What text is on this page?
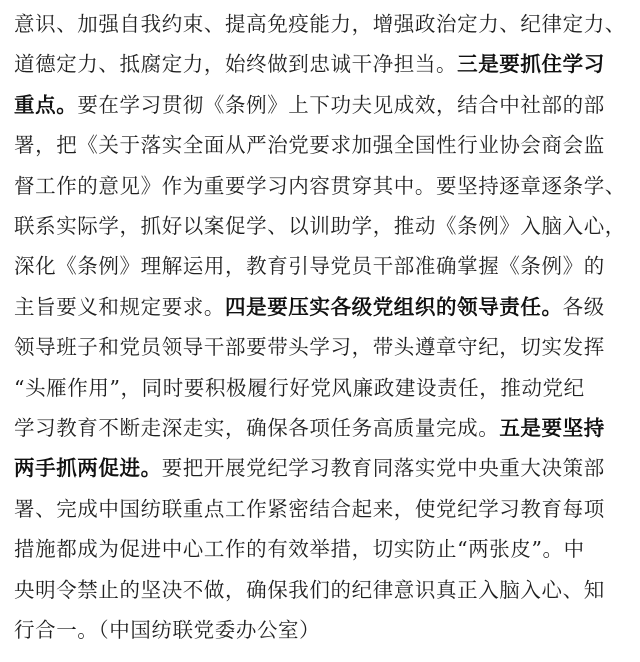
意识、加强自我约束、提高免疫能力，增强政治定力、纪律定力、
道德定力、抵腐定力，始终做到忠诚干净担当。三是要抓住学习
重点。要在学习贯彻《条例》上下功夫见成效，结合中社部的部
署，把《关于落实全面从严治党要求加强全国性行业协会商会监
督工作的意见》作为重要学习内容贯穿其中。要坚持逐章逐条学、
联系实际学，抓好以案促学、以训助学，推动《条例》入脑入心，
深化《条例》理解运用，教育引导党员干部准确掌握《条例》的
主旨要义和规定要求。四是要压实各级党组织的领导责任。各级
领导班子和党员领导干部要带头学习，带头遵章守纪，切实发挥
“头雁作用”，同时要积极履行好党风廉政建设责任，推动党纪
学习教育不断走深走实，确保各项任务高质量完成。五是要坚持
两手抓两促进。要把开展党纪学习教育同落实党中央重大决策部
署、完成中国纺联重点工作紧密结合起来，使党纪学习教育每项
措施都成为促进中心工作的有效举措，切实防止“两张皮”。中
央明令禁止的坚决不做，确保我们的纪律意识真正入脑入心、知
行合一。（中国纺联党委办公室）
